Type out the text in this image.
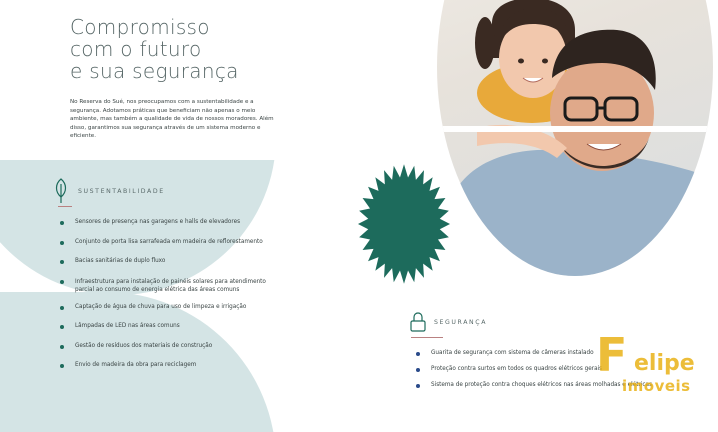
Compromisso
com o futuro
e sua segurança

No Reserva do Sué, nos preocupamos com a sustentabilidade e a segurança. Adotamos práticas que beneficiam não apenas o meio ambiente, mas também a qualidade de vida de nossos moradores. Além disso, garantimos sua segurança através de um sistema moderno e eficiente.

SUSTENTABILIDADE
Sensores de presença nas garagens e halls de elevadores
Conjunto de porta lisa sarrafeada em madeira de reflorestamento
Bacias sanitárias de duplo fluxo
Infraestrutura para instalação de painéis solares para atendimento parcial ao consumo de energia elétrica das áreas comuns
Captação de água de chuva para uso de limpeza e irrigação
Lâmpadas de LED nas áreas comuns
Gestão de resíduos dos materiais de construção
Envio de madeira da obra para reciclagem
SEGURANÇA
Guarita de segurança com sistema de câmeras instalado
Proteção contra surtos em todos os quadros elétricos gerais
Sistema de proteção contra choques elétricos nas áreas molhadas e elétricas
F elipe
imoveis
